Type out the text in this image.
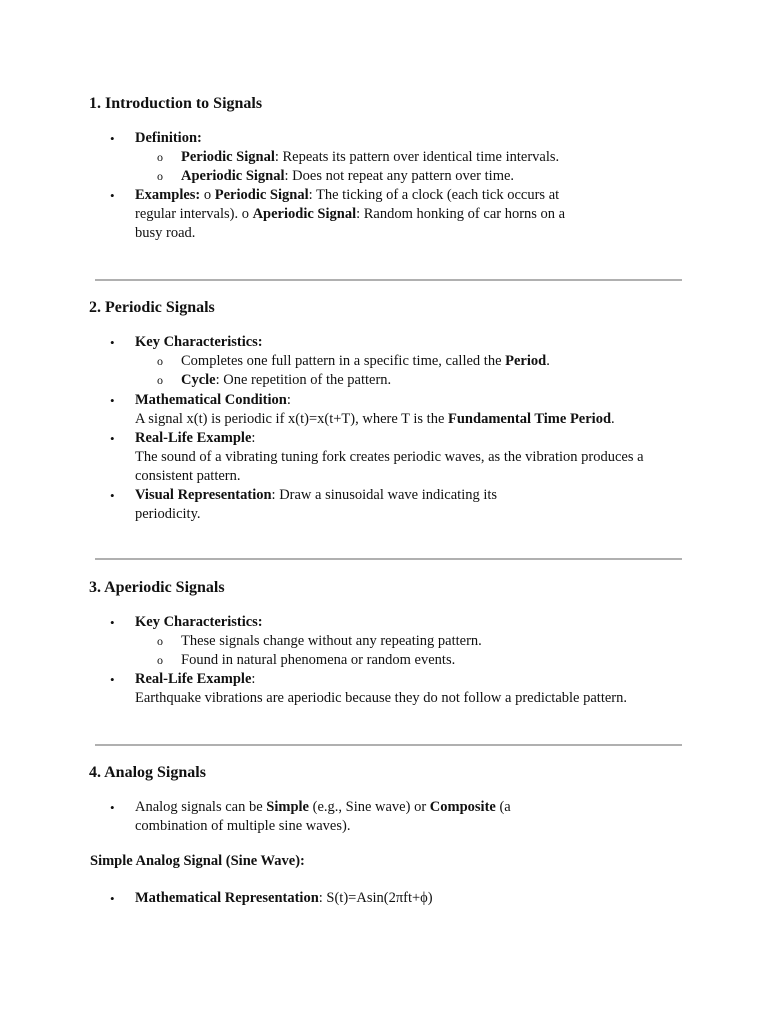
1. Introduction to Signals
•	Definition:
o	Periodic Signal: Repeats its pattern over identical time intervals.
o	Aperiodic Signal: Does not repeat any pattern over time.
•	Examples: o Periodic Signal: The ticking of a clock (each tick occurs at
regular intervals). o Aperiodic Signal: Random honking of car horns on a
busy road.
2. Periodic Signals
•	Key Characteristics:
o	Completes one full pattern in a specific time, called the Period.
o	Cycle: One repetition of the pattern.
•	Mathematical Condition:
A signal x(t) is periodic if x(t)=x(t+T), where T is the Fundamental Time Period.
•	Real-Life Example:
The sound of a vibrating tuning fork creates periodic waves, as the vibration produces a
consistent pattern.
•	Visual Representation: Draw a sinusoidal wave indicating its
periodicity.
3. Aperiodic Signals
•	Key Characteristics:
o	These signals change without any repeating pattern.
o	Found in natural phenomena or random events.
•	Real-Life Example:
Earthquake vibrations are aperiodic because they do not follow a predictable pattern.
4. Analog Signals
•	Analog signals can be Simple (e.g., Sine wave) or Composite (a
combination of multiple sine waves).
Simple Analog Signal (Sine Wave):
•	Mathematical Representation: S(t)=Asin(2πft+ϕ)
